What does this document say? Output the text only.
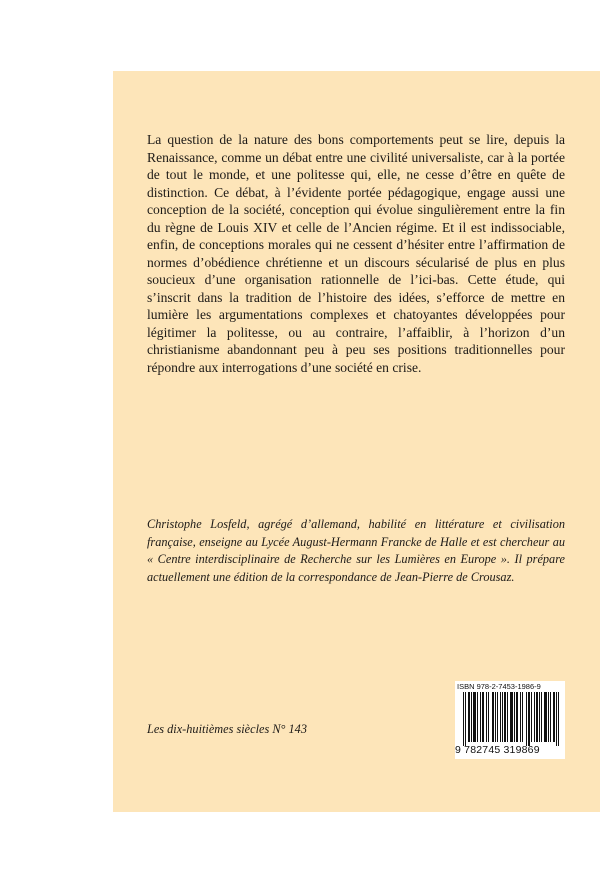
La question de la nature des bons comportements peut se lire, depuis la Renaissance, comme un débat entre une civilité universaliste, car à la portée de tout le monde, et une politesse qui, elle, ne cesse d’être en quête de distinction. Ce débat, à l’évidente portée pédagogique, engage aussi une conception de la société, conception qui évolue singulièrement entre la fin du règne de Louis XIV et celle de l’Ancien régime. Et il est indissociable, enfin, de conceptions morales qui ne cessent d’hésiter entre l’affirmation de normes d’obédience chrétienne et un discours sécularisé de plus en plus soucieux d’une organisation rationnelle de l’ici-bas. Cette étude, qui s’inscrit dans la tradition de l’histoire des idées, s’efforce de mettre en lumière les argumentations complexes et chatoyantes développées pour légitimer la politesse, ou au contraire, l’affaiblir, à l’horizon d’un christianisme abandonnant peu à peu ses positions traditionnelles pour répondre aux interrogations d’une société en crise.

Christophe Losfeld, agrégé d’allemand, habilité en littérature et civilisation française, enseigne au Lycée August-Hermann Francke de Halle et est chercheur au « Centre interdisciplinaire de Recherche sur les Lumières en Europe ». Il prépare actuellement une édition de la correspondance de Jean-Pierre de Crousaz.

Les dix-huitièmes siècles N° 143
ISBN 978-2-7453-1986-9
9 782745 319869
